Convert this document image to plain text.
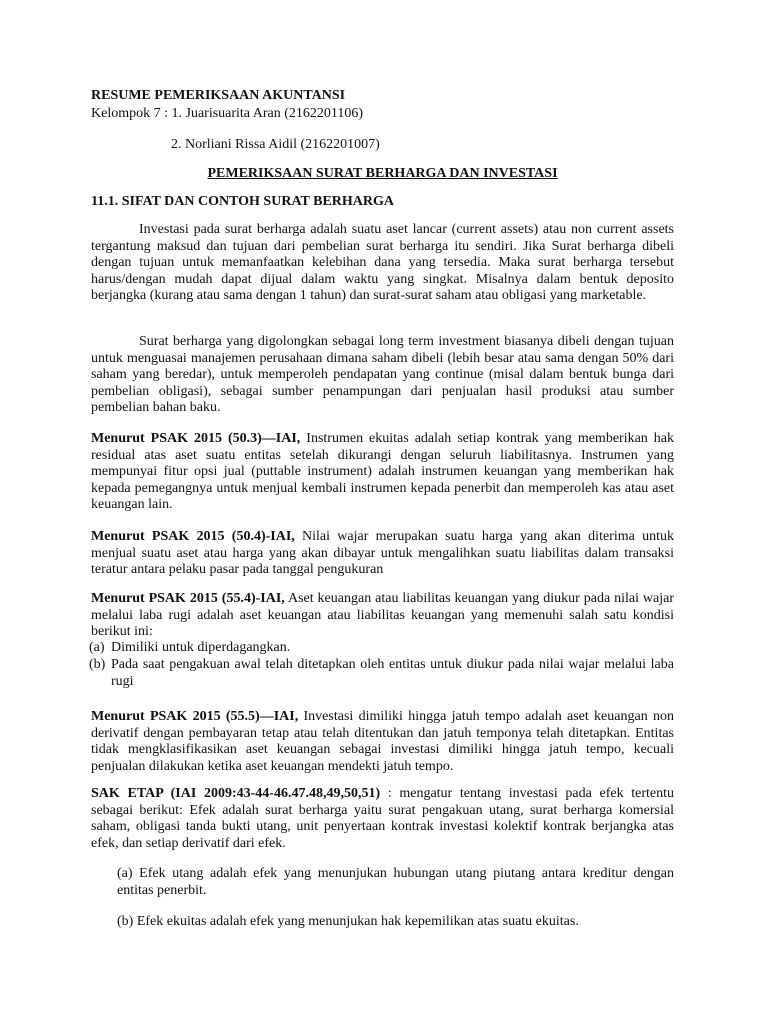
RESUME PEMERIKSAAN AKUNTANSI

Kelompok 7 : 1. Juarisuarita Aran (2162201106)

2. Norliani Rissa Aidil (2162201007)

PEMERIKSAAN SURAT BERHARGA DAN INVESTASI

11.1. SIFAT DAN CONTOH SURAT BERHARGA

Investasi pada surat berharga adalah suatu aset lancar (current assets) atau non current assets tergantung maksud dan tujuan dari pembelian surat berharga itu sendiri. Jika Surat berharga dibeli dengan tujuan untuk memanfaatkan kelebihan dana yang tersedia. Maka surat berharga tersebut harus/dengan mudah dapat dijual dalam waktu yang singkat. Misalnya dalam bentuk deposito berjangka (kurang atau sama dengan 1 tahun) dan surat-surat saham atau obligasi yang marketable.

Surat berharga yang digolongkan sebagai long term investment biasanya dibeli dengan tujuan untuk menguasai manajemen perusahaan dimana saham dibeli (lebih besar atau sama dengan 50% dari saham yang beredar), untuk memperoleh pendapatan yang continue (misal dalam bentuk bunga dari pembelian obligasi), sebagai sumber penampungan dari penjualan hasil produksi atau sumber pembelian bahan baku.

Menurut PSAK 2015 (50.3)—IAI, Instrumen ekuitas adalah setiap kontrak yang memberikan hak residual atas aset suatu entitas setelah dikurangi dengan seluruh liabilitasnya. Instrumen yang mempunyai fitur opsi jual (puttable instrument) adalah instrumen keuangan yang memberikan hak kepada pemegangnya untuk menjual kembali instrumen kepada penerbit dan memperoleh kas atau aset keuangan lain.

Menurut PSAK 2015 (50.4)-IAI, Nilai wajar merupakan suatu harga yang akan diterima untuk menjual suatu aset atau harga yang akan dibayar untuk mengalihkan suatu liabilitas dalam transaksi teratur antara pelaku pasar pada tanggal pengukuran

Menurut PSAK 2015 (55.4)-IAI, Aset keuangan atau liabilitas keuangan yang diukur pada nilai wajar melalui laba rugi adalah aset keuangan atau liabilitas keuangan yang memenuhi salah satu kondisi berikut ini:

(a) Dimiliki untuk diperdagangkan.
(b) Pada saat pengakuan awal telah ditetapkan oleh entitas untuk diukur pada nilai wajar melalui laba rugi

Menurut PSAK 2015 (55.5)—IAI, Investasi dimiliki hingga jatuh tempo adalah aset keuangan non derivatif dengan pembayaran tetap atau telah ditentukan dan jatuh temponya telah ditetapkan. Entitas tidak mengklasifikasikan aset keuangan sebagai investasi dimiliki hingga jatuh tempo, kecuali penjualan dilakukan ketika aset keuangan mendekti jatuh tempo.

SAK ETAP (IAI 2009:43-44-46.47.48,49,50,51) : mengatur tentang investasi pada efek tertentu sebagai berikut: Efek adalah surat berharga yaitu surat pengakuan utang, surat berharga komersial saham, obligasi tanda bukti utang, unit penyertaan kontrak investasi kolektif kontrak berjangka atas efek, dan setiap derivatif dari efek.

(a) Efek utang adalah efek yang menunjukan hubungan utang piutang antara kreditur dengan entitas penerbit.

(b) Efek ekuitas adalah efek yang menunjukan hak kepemilikan atas suatu ekuitas.
